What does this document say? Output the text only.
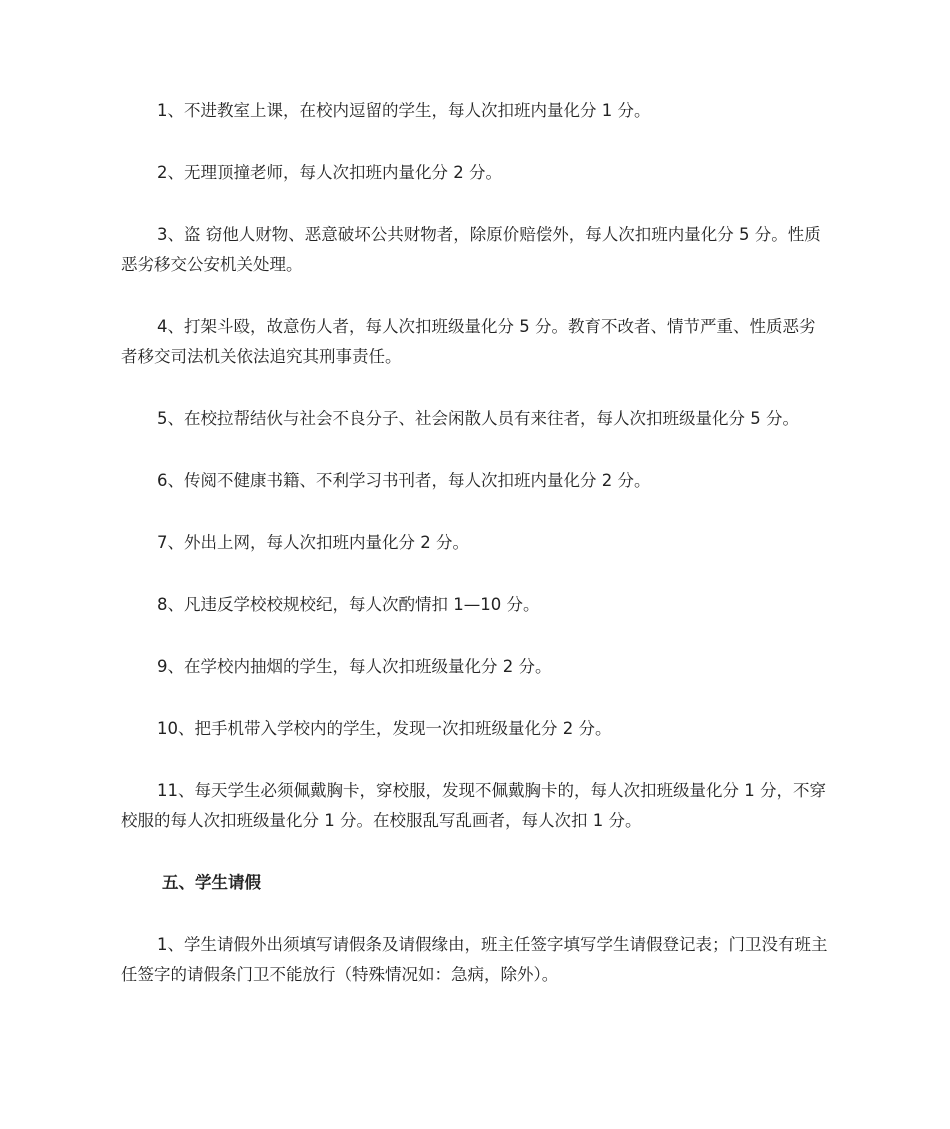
1、不进教室上课，在校内逗留的学生，每人次扣班内量化分 1 分。

2、无理顶撞老师，每人次扣班内量化分 2 分。

3、盗 窃他人财物、恶意破坏公共财物者，除原价赔偿外，每人次扣班内量化分 5 分。性质恶劣移交公安机关处理。

4、打架斗殴，故意伤人者，每人次扣班级量化分 5 分。教育不改者、情节严重、性质恶劣者移交司法机关依法追究其刑事责任。

5、在校拉帮结伙与社会不良分子、社会闲散人员有来往者，每人次扣班级量化分 5 分。

6、传阅不健康书籍、不利学习书刊者，每人次扣班内量化分 2 分。

7、外出上网，每人次扣班内量化分 2 分。

8、凡违反学校校规校纪，每人次酌情扣 1—10 分。

9、在学校内抽烟的学生，每人次扣班级量化分 2 分。

10、把手机带入学校内的学生，发现一次扣班级量化分 2 分。

11、每天学生必须佩戴胸卡，穿校服，发现不佩戴胸卡的，每人次扣班级量化分 1 分，不穿校服的每人次扣班级量化分 1 分。在校服乱写乱画者，每人次扣 1 分。

五、学生请假

1、学生请假外出须填写请假条及请假缘由，班主任签字填写学生请假登记表；门卫没有班主任签字的请假条门卫不能放行（特殊情况如：急病，除外）。
